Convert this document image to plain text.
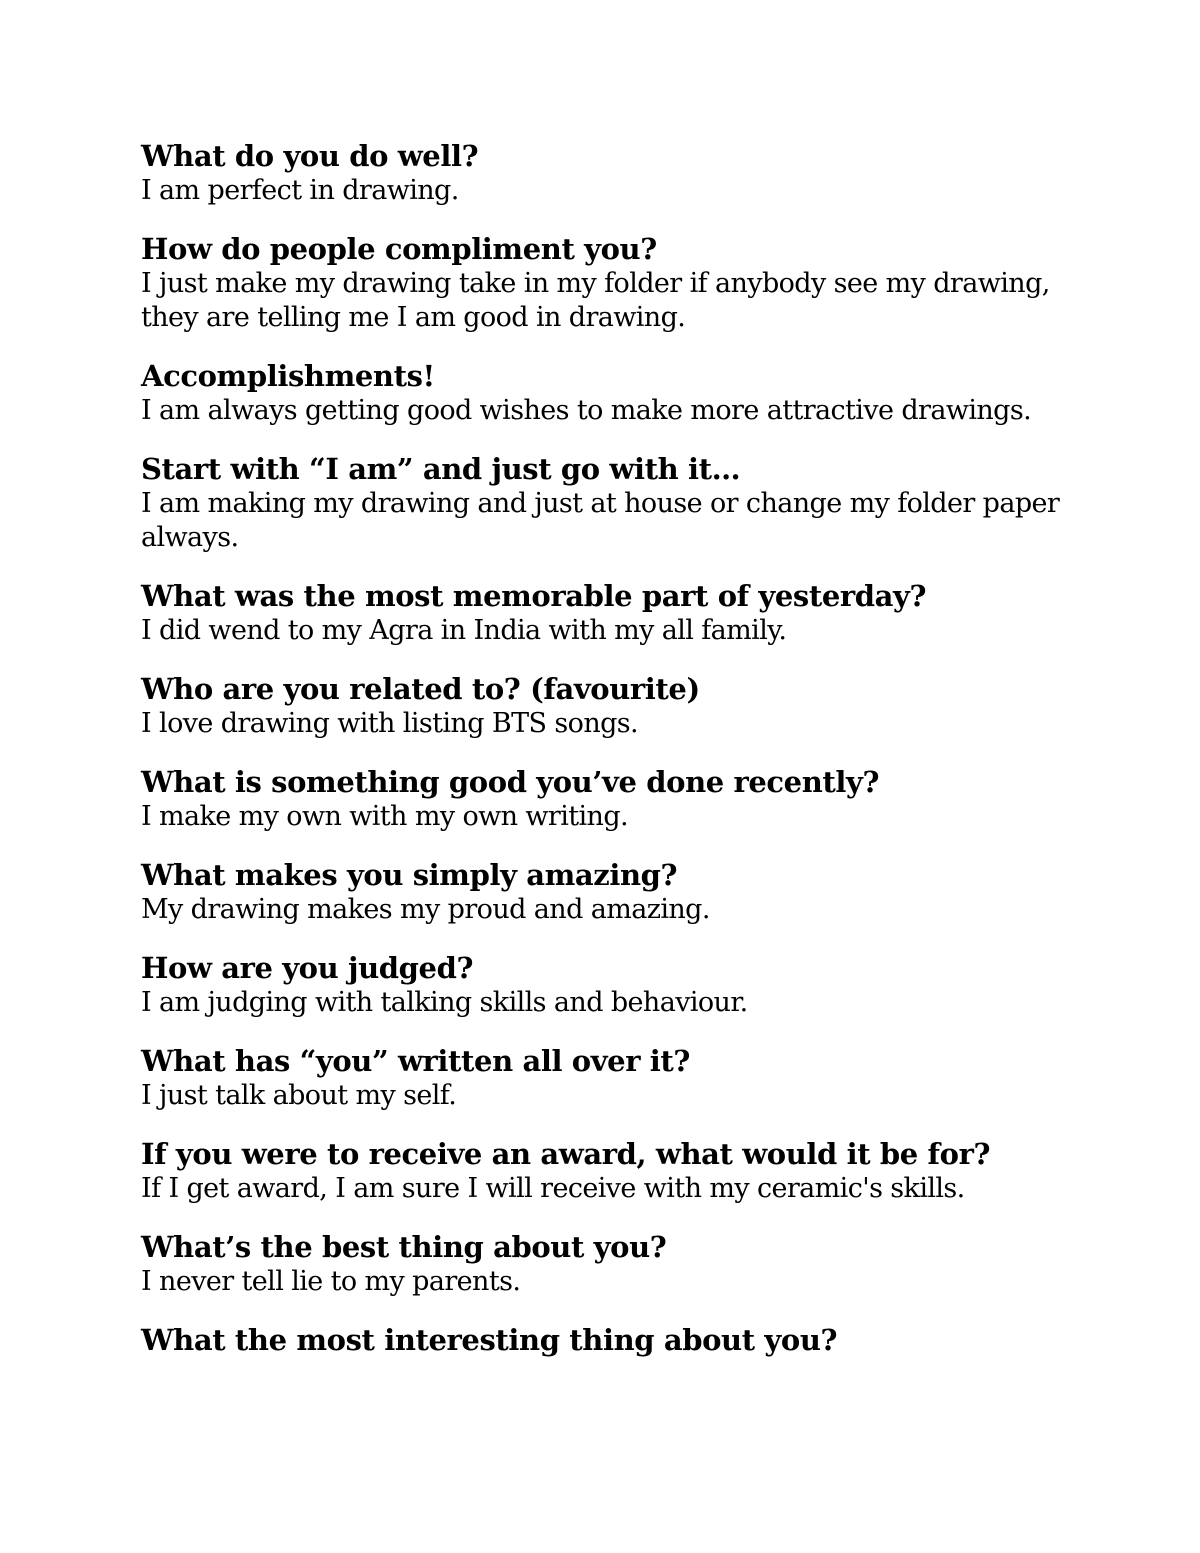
What do you do well?

I am perfect in drawing.

How do people compliment you?

I just make my drawing take in my folder if anybody see my drawing, they are telling me I am good in drawing.

Accomplishments!

I am always getting good wishes to make more attractive drawings.

Start with “I am” and just go with it…

I am making my drawing and just at house or change my folder paper always.

What was the most memorable part of yesterday?

I did wend to my Agra in India with my all family.

Who are you related to? (favourite)

I love drawing with listing BTS songs.

What is something good you’ve done recently?

I make my own with my own writing.

What makes you simply amazing?

My drawing makes my proud and amazing.

How are you judged?

I am judging with talking skills and behaviour.

What has “you” written all over it?

I just talk about my self.

If you were to receive an award, what would it be for?

If I get award, I am sure I will receive with my ceramic's skills.

What’s the best thing about you?

I never tell lie to my parents.

What the most interesting thing about you?
